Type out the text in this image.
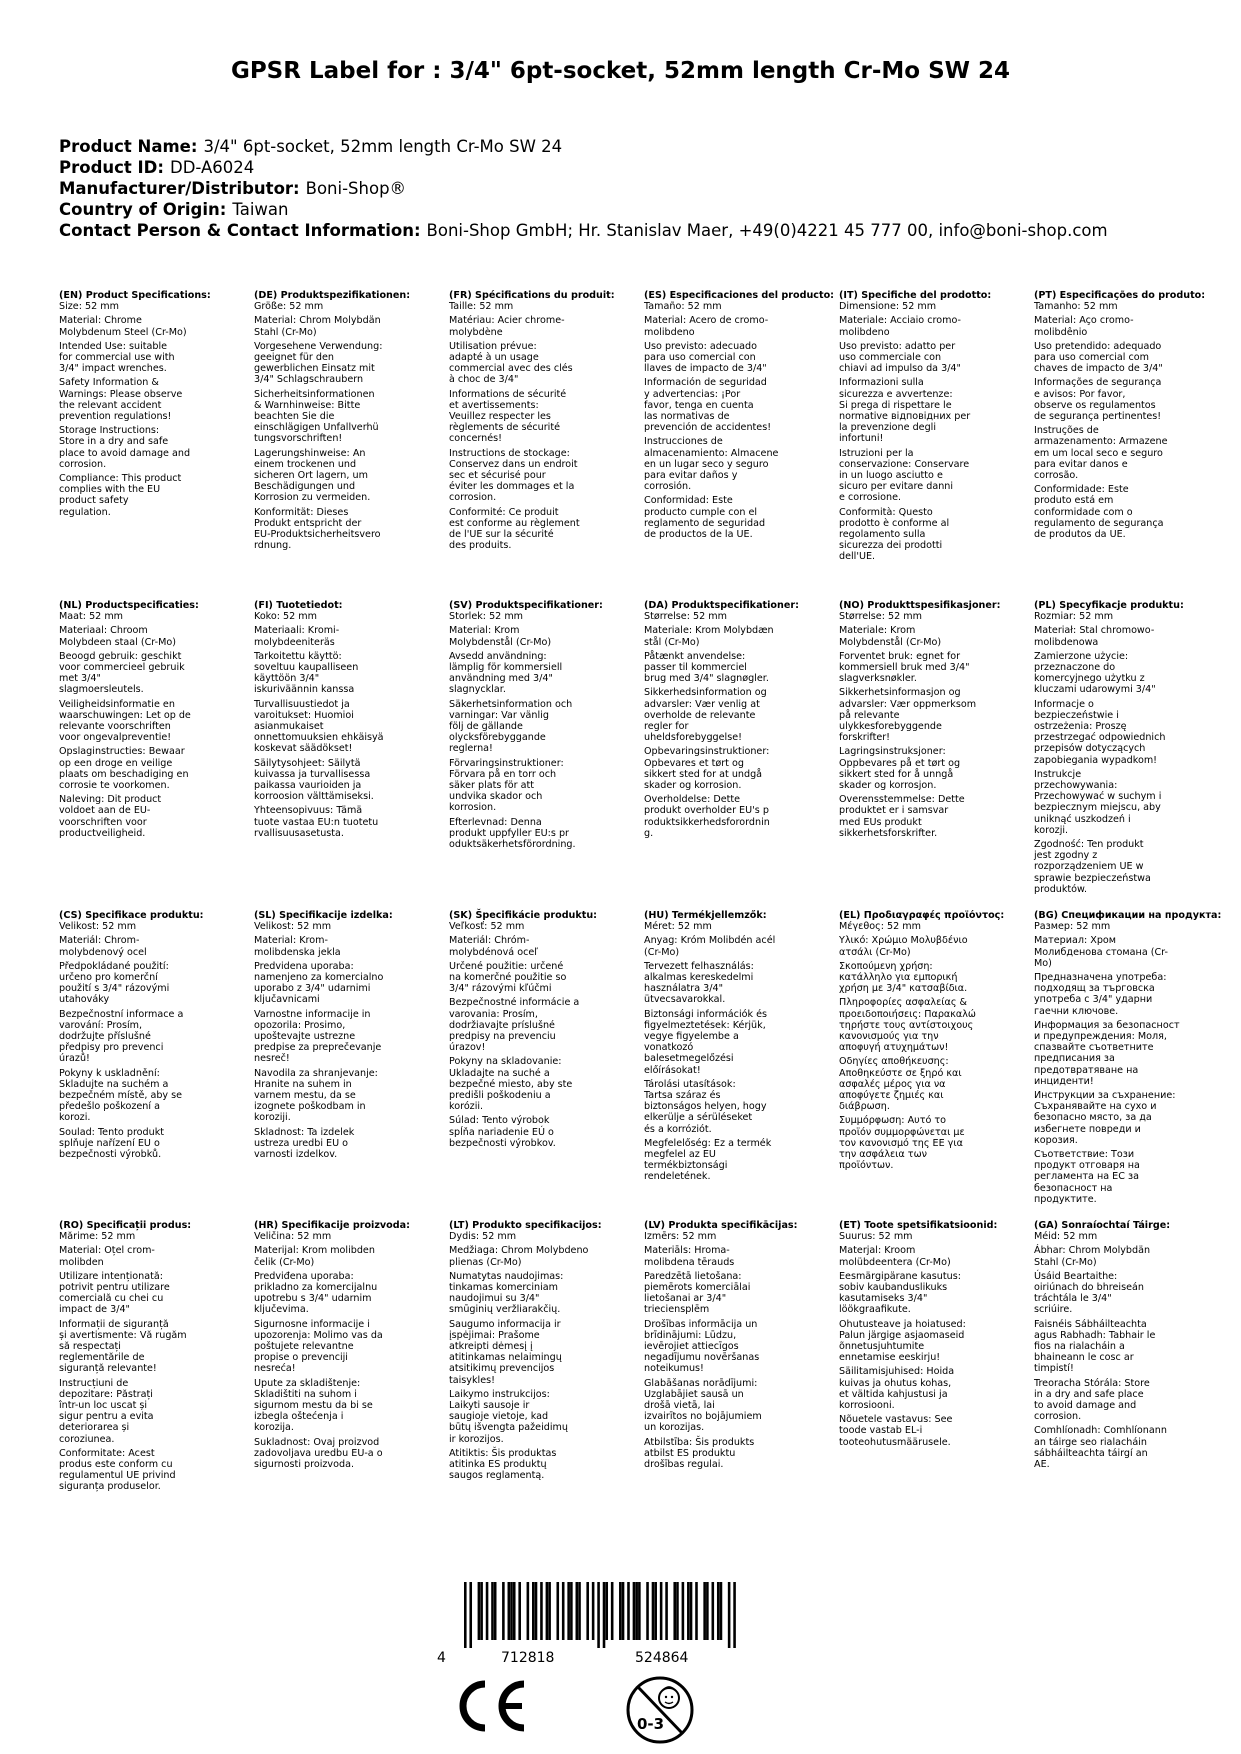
GPSR Label for : 3/4" 6pt-socket, 52mm length Cr-Mo SW 24
Product Name: 3/4" 6pt-socket, 52mm length Cr-Mo SW 24
Product ID: DD-A6024
Manufacturer/Distributor: Boni-Shop®
Country of Origin: Taiwan
Contact Person & Contact Information: Boni-Shop GmbH; Hr. Stanislav Maer, +49(0)4221 45 777 00, info@boni-shop.com
(EN) Product Specifications:
Size: 52 mm
Material: Chrome
Molybdenum Steel (Cr-Mo)
Intended Use: suitable
for commercial use with
3/4" impact wrenches.
Safety Information &
Warnings: Please observe
the relevant accident
prevention regulations!
Storage Instructions:
Store in a dry and safe
place to avoid damage and
corrosion.
Compliance: This product
complies with the EU
product safety
regulation.
(DE) Produktspezifikationen:
Größe: 52 mm
Material: Chrom Molybdän
Stahl (Cr-Mo)
Vorgesehene Verwendung:
geeignet für den
gewerblichen Einsatz mit
3/4" Schlagschraubern
Sicherheitsinformationen
& Warnhinweise: Bitte
beachten Sie die
einschlägigen Unfallverhü
tungsvorschriften!
Lagerungshinweise: An
einem trockenen und
sicheren Ort lagern, um
Beschädigungen und
Korrosion zu vermeiden.
Konformität: Dieses
Produkt entspricht der
EU-Produktsicherheitsvero
rdnung.
(FR) Spécifications du produit:
Taille: 52 mm
Matériau: Acier chrome-
molybdène
Utilisation prévue:
adapté à un usage
commercial avec des clés
à choc de 3/4"
Informations de sécurité
et avertissements:
Veuillez respecter les
règlements de sécurité
concernés!
Instructions de stockage:
Conservez dans un endroit
sec et sécurisé pour
éviter les dommages et la
corrosion.
Conformité: Ce produit
est conforme au règlement
de l'UE sur la sécurité
des produits.
(ES) Especificaciones del producto:
Tamaño: 52 mm
Material: Acero de cromo-
molibdeno
Uso previsto: adecuado
para uso comercial con
llaves de impacto de 3/4"
Información de seguridad
y advertencias: ¡Por
favor, tenga en cuenta
las normativas de
prevención de accidentes!
Instrucciones de
almacenamiento: Almacene
en un lugar seco y seguro
para evitar daños y
corrosión.
Conformidad: Este
producto cumple con el
reglamento de seguridad
de productos de la UE.
(IT) Specifiche del prodotto:
Dimensione: 52 mm
Materiale: Acciaio cromo-
molibdeno
Uso previsto: adatto per
uso commerciale con
chiavi ad impulso da 3/4"
Informazioni sulla
sicurezza e avvertenze:
Si prega di rispettare le
normative відповідних per
la prevenzione degli
infortuni!
Istruzioni per la
conservazione: Conservare
in un luogo asciutto e
sicuro per evitare danni
e corrosione.
Conformità: Questo
prodotto è conforme al
regolamento sulla
sicurezza dei prodotti
dell'UE.
(PT) Especificações do produto:
Tamanho: 52 mm
Material: Aço cromo-
molibdênio
Uso pretendido: adequado
para uso comercial com
chaves de impacto de 3/4"
Informações de segurança
e avisos: Por favor,
observe os regulamentos
de segurança pertinentes!
Instruções de
armazenamento: Armazene
em um local seco e seguro
para evitar danos e
corrosão.
Conformidade: Este
produto está em
conformidade com o
regulamento de segurança
de produtos da UE.
(NL) Productspecificaties:
Maat: 52 mm
Materiaal: Chroom
Molybdeen staal (Cr-Mo)
Beoogd gebruik: geschikt
voor commercieel gebruik
met 3/4"
slagmoersleutels.
Veiligheidsinformatie en
waarschuwingen: Let op de
relevante voorschriften
voor ongevalpreventie!
Opslaginstructies: Bewaar
op een droge en veilige
plaats om beschadiging en
corrosie te voorkomen.
Naleving: Dit product
voldoet aan de EU-
voorschriften voor
productveiligheid.
(FI) Tuotetiedot:
Koko: 52 mm
Materiaali: Kromi-
molybdeeniteräs
Tarkoitettu käyttö:
soveltuu kaupalliseen
käyttöön 3/4"
iskuriväännin kanssa
Turvallisuustiedot ja
varoitukset: Huomioi
asianmukaiset
onnettomuuksien ehkäisyä
koskevat säädökset!
Säilytysohjeet: Säilytä
kuivassa ja turvallisessa
paikassa vaurioiden ja
korroosion välttämiseksi.
Yhteensopivuus: Tämä
tuote vastaa EU:n tuotetu
rvallisuusasetusta.
(SV) Produktspecifikationer:
Storlek: 52 mm
Material: Krom
Molybdenstål (Cr-Mo)
Avsedd användning:
lämplig för kommersiell
användning med 3/4"
slagnycklar.
Säkerhetsinformation och
varningar: Var vänlig
följ de gällande
olycksförebyggande
reglerna!
Förvaringsinstruktioner:
Förvara på en torr och
säker plats för att
undvika skador och
korrosion.
Efterlevnad: Denna
produkt uppfyller EU:s pr
oduktsäkerhetsförordning.
(DA) Produktspecifikationer:
Størrelse: 52 mm
Materiale: Krom Molybdæn
stål (Cr-Mo)
Påtænkt anvendelse:
passer til kommerciel
brug med 3/4" slagnøgler.
Sikkerhedsinformation og
advarsler: Vær venlig at
overholde de relevante
regler for
uheldsforebyggelse!
Opbevaringsinstruktioner:
Opbevares et tørt og
sikkert sted for at undgå
skader og korrosion.
Overholdelse: Dette
produkt overholder EU's p
roduktsikkerhedsforordnin
g.
(NO) Produkttspesifikasjoner:
Størrelse: 52 mm
Materiale: Krom
Molybdenstål (Cr-Mo)
Forventet bruk: egnet for
kommersiell bruk med 3/4"
slagverksnøkler.
Sikkerhetsinformasjon og
advarsler: Vær oppmerksom
på relevante
ulykkesforebyggende
forskrifter!
Lagringsinstruksjoner:
Oppbevares på et tørt og
sikkert sted for å unngå
skader og korrosjon.
Overensstemmelse: Dette
produktet er i samsvar
med EUs produkt
sikkerhetsforskrifter.
(PL) Specyfikacje produktu:
Rozmiar: 52 mm
Materiał: Stal chromowo-
molibdenowa
Zamierzone użycie:
przeznaczone do
komercyjnego użytku z
kluczami udarowymi 3/4"
Informacje o
bezpieczeństwie i
ostrzeżenia: Proszę
przestrzegać odpowiednich
przepisów dotyczących
zapobiegania wypadkom!
Instrukcje
przechowywania:
Przechowywać w suchym i
bezpiecznym miejscu, aby
uniknąć uszkodzeń i
korozji.
Zgodność: Ten produkt
jest zgodny z
rozporządzeniem UE w
sprawie bezpieczeństwa
produktów.
(CS) Specifikace produktu:
Velikost: 52 mm
Materiál: Chrom-
molybdenový ocel
Předpokládané použití:
určeno pro komerční
použití s 3/4" rázovými
utahováky
Bezpečnostní informace a
varování: Prosím,
dodržujte příslušné
předpisy pro prevenci
úrazů!
Pokyny k uskladnění:
Skladujte na suchém a
bezpečném místě, aby se
předešlo poškození a
korozi.
Soulad: Tento produkt
splňuje nařízení EU o
bezpečnosti výrobků.
(SL) Specifikacije izdelka:
Velikost: 52 mm
Material: Krom-
molibdenska jekla
Predvidena uporaba:
namenjeno za komercialno
uporabo z 3/4" udarnimi
ključavnicami
Varnostne informacije in
opozorila: Prosimo,
upoštevajte ustrezne
predpise za preprečevanje
nesreč!
Navodila za shranjevanje:
Hranite na suhem in
varnem mestu, da se
izognete poškodbam in
koroziji.
Skladnost: Ta izdelek
ustreza uredbi EU o
varnosti izdelkov.
(SK) Špecifikácie produktu:
Veľkosť: 52 mm
Materiál: Chróm-
molybdénová oceľ
Určené použitie: určené
na komerčné použitie so
3/4" rázovými kľúčmi
Bezpečnostné informácie a
varovania: Prosím,
dodržiavajte príslušné
predpisy na prevenciu
úrazov!
Pokyny na skladovanie:
Ukladajte na suché a
bezpečné miesto, aby ste
predišli poškodeniu a
korózii.
Súlad: Tento výrobok
spĺňa nariadenie EÚ o
bezpečnosti výrobkov.
(HU) Termékjellemzők:
Méret: 52 mm
Anyag: Króm Molibdén acél
(Cr-Mo)
Tervezett felhasználás:
alkalmas kereskedelmi
használatra 3/4"
ütvecsavarokkal.
Biztonsági információk és
figyelmeztetések: Kérjük,
vegye figyelembe a
vonatkozó
balesetmegelőzési
előírásokat!
Tárolási utasítások:
Tartsa száraz és
biztonságos helyen, hogy
elkerülje a sérüléseket
és a korróziót.
Megfelelőség: Ez a termék
megfelel az EU
termékbiztonsági
rendeletének.
(EL) Προδιαγραφές προϊόντος:
Μέγεθος: 52 mm
Υλικό: Χρώμιο Μολυβδένιο
ατσάλι (Cr-Mo)
Σκοπούμενη χρήση:
κατάλληλο για εμπορική
χρήση με 3/4" κατσαβίδια.
Πληροφορίες ασφαλείας &
προειδοποιήσεις: Παρακαλώ
τηρήστε τους αντίστοιχους
κανονισμούς για την
αποφυγή ατυχημάτων!
Οδηγίες αποθήκευσης:
Αποθηκεύστε σε ξηρό και
ασφαλές μέρος για να
αποφύγετε ζημιές και
διάβρωση.
Συμμόρφωση: Αυτό το
προϊόν συμμορφώνεται με
τον κανονισμό της ΕΕ για
την ασφάλεια των
προϊόντων.
(BG) Спецификации на продукта:
Размер: 52 mm
Материал: Хром
Молибденова стомана (Cr-
Mo)
Предназначена употреба:
подходящ за търговска
употреба с 3/4" ударни
гаечни ключове.
Информация за безопасност
и предупреждения: Моля,
спазвайте съответните
предписания за
предотвратяване на
инциденти!
Инструкции за съхранение:
Съхранявайте на сухо и
безопасно място, за да
избегнете повреди и
корозия.
Съответствие: Този
продукт отговаря на
регламента на ЕС за
безопасност на
продуктите.
(RO) Specificații produs:
Mărime: 52 mm
Material: Oțel crom-
molibden
Utilizare intenționată:
potrivit pentru utilizare
comercială cu chei cu
impact de 3/4"
Informații de siguranță
și avertismente: Vă rugăm
să respectați
reglementările de
siguranță relevante!
Instrucțiuni de
depozitare: Păstrați
într-un loc uscat și
sigur pentru a evita
deteriorarea și
coroziunea.
Conformitate: Acest
produs este conform cu
regulamentul UE privind
siguranța produselor.
(HR) Specifikacije proizvoda:
Veličina: 52 mm
Materijal: Krom molibden
čelik (Cr-Mo)
Predviđena uporaba:
prikladno za komercijalnu
upotrebu s 3/4" udarnim
ključevima.
Sigurnosne informacije i
upozorenja: Molimo vas da
poštujete relevantne
propise o prevenciji
nesreća!
Upute za skladištenje:
Skladištiti na suhom i
sigurnom mestu da bi se
izbegla oštećenja i
korozija.
Sukladnost: Ovaj proizvod
zadovoljava uredbu EU-a o
sigurnosti proizvoda.
(LT) Produkto specifikacijos:
Dydis: 52 mm
Medžiaga: Chrom Molybdeno
plienas (Cr-Mo)
Numatytas naudojimas:
tinkamas komerciniam
naudojimui su 3/4"
smūginių veržliarakčių.
Saugumo informacija ir
įspėjimai: Prašome
atkreipti dėmesį į
atitinkamas nelaimingų
atsitikimų prevencijos
taisykles!
Laikymo instrukcijos:
Laikyti sausoje ir
saugioje vietoje, kad
būtų išvengta pažeidimų
ir korozijos.
Atitiktis: Šis produktas
atitinka ES produktų
saugos reglamentą.
(LV) Produkta specifikācijas:
Izmērs: 52 mm
Materiāls: Hroma-
molibdena tērauds
Paredzētā lietošana:
piemērots komerciālai
lietošanai ar 3/4"
trieciensplēm
Drošības informācija un
brīdinājumi: Lūdzu,
ievērojiet attiecīgos
negadījumu novēršanas
noteikumus!
Glabāšanas norādījumi:
Uzglabājiet sausā un
drošā vietā, lai
izvairītos no bojājumiem
un korozijas.
Atbilstība: Šis produkts
atbilst ES produktu
drošības regulai.
(ET) Toote spetsifikatsioonid:
Suurus: 52 mm
Materjal: Kroom
molübdeentera (Cr-Mo)
Eesmärgipärane kasutus:
sobiv kaubanduslikuks
kasutamiseks 3/4"
löökgraafikute.
Ohutusteave ja hoiatused:
Palun järgige asjaomaseid
õnnetusjuhtumite
ennetamise eeskirju!
Säilitamisjuhised: Hoida
kuivas ja ohutus kohas,
et vältida kahjustusi ja
korrosiooni.
Nõuetele vastavus: See
toode vastab EL-i
tooteohutusmäärusele.
(GA) Sonraíochtaí Táirge:
Méid: 52 mm
Ábhar: Chrom Molybdän
Stahl (Cr-Mo)
Úsáid Beartaithe:
oiriúnach do bhreiseán
tráchtála le 3/4"
scriúire.
Faisnéis Sábháilteachta
agus Rabhadh: Tabhair le
fios na rialacháin a
bhaineann le cosc ar
timpistí!
Treoracha Stórála: Store
in a dry and safe place
to avoid damage and
corrosion.
Comhlíonadh: Comhlíonann
an táirge seo rialacháin
sábháilteachta táirgí an
AE.
4	712818	524864
0-3
